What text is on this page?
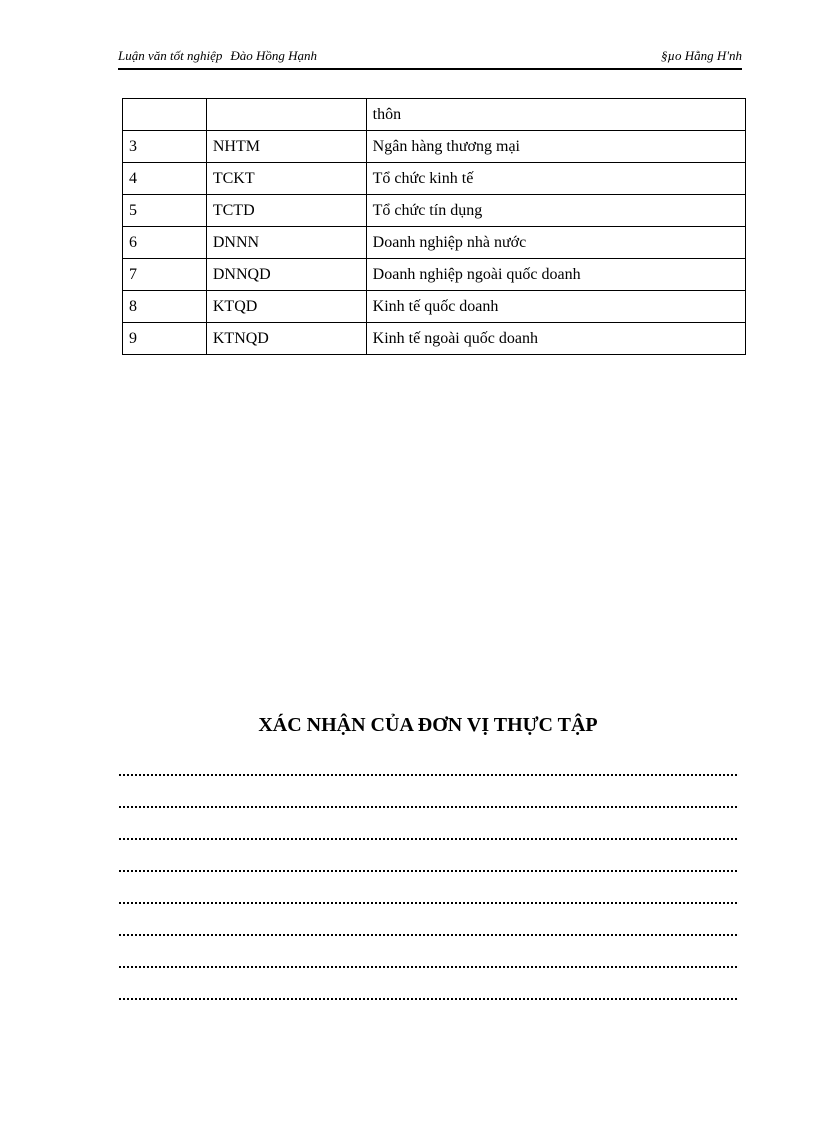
Luận văn tốt nghiệp Đào Hồng Hạnh	§µo Hằng H'nh
		thôn
3	NHTM	Ngân hàng thương mại
4	TCKT	Tổ chức kinh tế
5	TCTD	Tổ chức tín dụng
6	DNNN	Doanh nghiệp nhà nước
7	DNNQD	Doanh nghiệp ngoài quốc doanh
8	KTQD	Kinh tế quốc doanh
9	KTNQD	Kinh tế ngoài quốc doanh
XÁC NHẬN CỦA ĐƠN VỊ THỰC TẬP
